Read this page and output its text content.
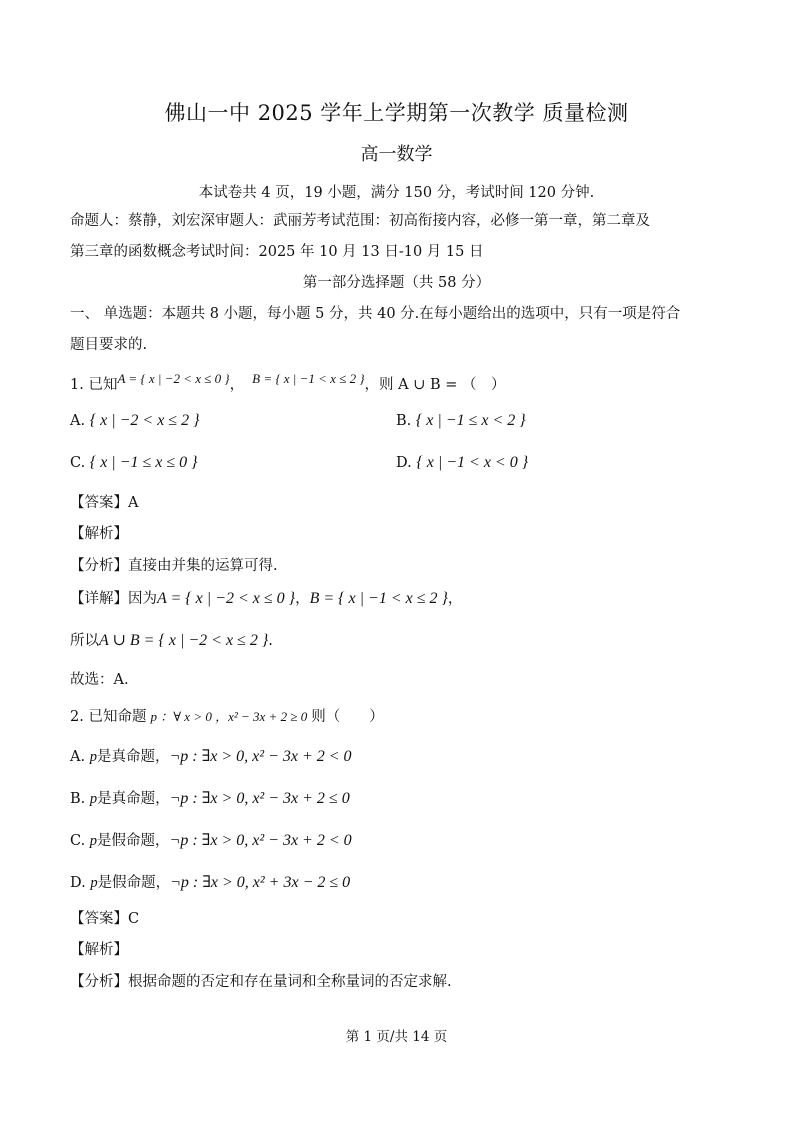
佛山一中 2025 学年上学期第一次教学 质量检测
高一数学
本试卷共 4 页，19 小题，满分 150 分，考试时间 120 分钟.
命题人：蔡静，刘宏深审题人：武丽芳考试范围：初高衔接内容，必修一第一章，第二章及
第三章的函数概念考试时间：2025 年 10 月 13 日-10 月 15 日
第一部分选择题（共 58 分）
一、 单选题：本题共 8 小题，每小题 5 分，共 40 分.在每小题给出的选项中，只有一项是符合
题目要求的.
1. 已知A = { x | −2 < x ≤ 0 }， B = { x | −1 < x ≤ 2 }，则 A ∪ B = （　）
A. { x | −2 < x ≤ 2 }	B. { x | −1 ≤ x < 2 }
C. { x | −1 ≤ x ≤ 0 }	D. { x | −1 < x < 0 }
【答案】A
【解析】
【分析】直接由并集的运算可得.
【详解】因为A = { x | −2 < x ≤ 0 }，B = { x | −1 < x ≤ 2 }，
所以A ∪ B = { x | −2 < x ≤ 2 }.
故选：A.
2. 已知命题 p ：∀ x > 0 ，x² − 3x + 2 ≥ 0 则（　　）
A. p是真命题，¬p : ∃x > 0, x² − 3x + 2 < 0
B. p是真命题，¬p : ∃x > 0, x² − 3x + 2 ≤ 0
C. p是假命题，¬p : ∃x > 0, x² − 3x + 2 < 0
D. p是假命题，¬p : ∃x > 0, x² + 3x − 2 ≤ 0
【答案】C
【解析】
【分析】根据命题的否定和存在量词和全称量词的否定求解.
第 1 页/共 14 页
